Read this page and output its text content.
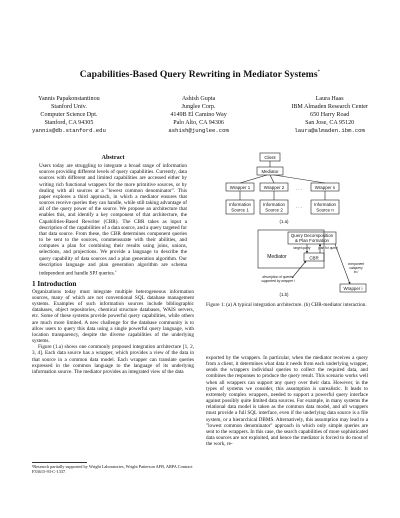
Capabilities-Based Query Rewriting in Mediator Systems*
Yannis Papakonstantinou
Stanford Univ.
Computer Science Dpt.
Stanford, CA 94305
yannis@db.stanford.edu
Ashish Gupta
Junglee Corp.
4149B El Camino Way
Palo Alto, CA 94306
ashish@junglee.com
Laura Haas
IBM Almaden Research Center
650 Harry Road
San Jose, CA 95120
laura@almaden.ibm.com
Abstract

Users today are struggling to integrate a broad range of information sources providing different levels of query capabilities. Currently, data sources with different and limited capabilities are accessed either by writing rich functional wrappers for the more primitive sources, or by dealing with all sources at a "lowest common denominator". This paper explores a third approach, in which a mediator ensures that sources receive queries they can handle, while still taking advantage of all of the query power of the source. We propose an architecture that enables this, and identify a key component of that architecture, the Capabilities-Based Rewriter (CBR). The CBR takes as input a description of the capabilities of a data source, and a query targeted for that data source. From these, the CBR determines component queries to be sent to the sources, commensurate with their abilities, and computes a plan for combining their results using joins, unions, selections, and projections. We provide a language to describe the query capability of data sources and a plan generation algorithm. Our description language and plan generation algorithm are schema independent and handle SPJ queries.$^1$

1 Introduction

Organizations today must integrate multiple heterogeneous information sources, many of which are not conventional SQL database management systems. Examples of such information sources include bibliographic databases, object repositories, chemical structure databases, WAIS servers, etc. Some of these systems provide powerful query capabilities, while others are much more limited. A new challenge for the database community is to allow users to query this data using a single powerful query language, with location transparency, despite the diverse capabilities of the underlying systems.

Figure (1.a) shows one commonly proposed integration architecture [1, 2, 3, 4]. Each data source has a wrapper, which provides a view of the data in that source in a common data model. Each wrapper can translate queries expressed in the common language to the language of its underlying information source. The mediator provides an integrated view of the data

¹Research partially supported by Wright Laboratories, Wright Patterson AFB, ARPA Contract F33615-93-C-1337.
Client
Mediator
Wrapper 1	Wrapper 2	Wrapper n
. . .
Information
Source 1
Information
Source 2
Information
Source n
. . .
(1.a)
Query Decomposition
& Plan Formation
target query plan for query
Mediator	CBR
description of queries
supported by wrapper i
component
subquery
to i
Wrapper i
(1.b)
Figure 1: (a) A typical integration architecture. (b) CBR-mediator interaction.

exported by the wrappers. In particular, when the mediator receives a query from a client, it determines what data it needs from each underlying wrapper, sends the wrappers individual queries to collect the required data, and combines the responses to produce the query result. This scenario works well when all wrappers can support any query over their data. However, in the types of systems we consider, this assumption is unrealistic. It leads to extremely complex wrappers, needed to support a powerful query interface against possibly quite limited data sources. For example, in many systems the relational data model is taken as the common data model, and all wrappers must provide a full SQL interface, even if the underlying data source is a file system, or a hierarchical DBMS. Alternatively, this assumption may lead to a "lowest common denominator" approach in which only simple queries are sent to the wrappers. In this case, the search capabilities of more sophisticated data sources are not exploited, and hence the mediator is forced to do most of the work, re-
